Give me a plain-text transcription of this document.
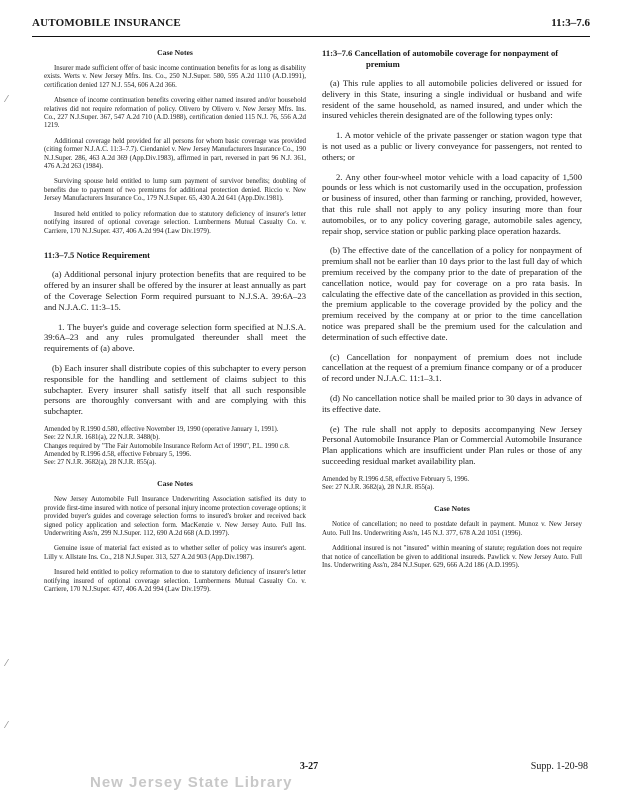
AUTOMOBILE INSURANCE	11:3–7.6
Case Notes

Insurer made sufficient offer of basic income continuation benefits for as long as disability exists. Werts v. New Jersey Mfrs. Ins. Co., 250 N.J.Super. 580, 595 A.2d 1110 (A.D.1991), certification denied 127 N.J. 554, 606 A.2d 366.

Absence of income continuation benefits covering either named insured and/or household relatives did not require reformation of policy. Olivero by Olivero v. New Jersey Mfrs. Ins. Co., 227 N.J.Super. 367, 547 A.2d 710 (A.D.1988), certification denied 115 N.J. 76, 556 A.2d 1219.

Additional coverage held provided for all persons for whom basic coverage was provided (citing former N.J.A.C. 11:3–7.7). Ciendaniel v. New Jersey Manufacturers Insurance Co., 190 N.J.Super. 286, 463 A.2d 369 (App.Div.1983), affirmed in part, reversed in part 96 N.J. 361, 476 A.2d 263 (1984).

Surviving spouse held entitled to lump sum payment of survivor benefits; doubling of benefits due to payment of two premiums for additional protection denied. Riccio v. New Jersey Manufacturers Insurance Co., 179 N.J.Super. 65, 430 A.2d 641 (App.Div.1981).

Insured held entitled to policy reformation due to statutory deficiency of insurer's letter notifying insured of optional coverage selection. Lumbermens Mutual Casualty Co. v. Carriere, 170 N.J.Super. 437, 406 A.2d 994 (Law Div.1979).

11:3–7.5 Notice Requirement

(a) Additional personal injury protection benefits that are required to be offered by an insurer shall be offered by the insurer at least annually as part of the Coverage Selection Form required pursuant to N.J.S.A. 39:6A–23 and N.J.A.C. 11:3–15.

1. The buyer's guide and coverage selection form specified at N.J.S.A. 39:6A–23 and any rules promulgated thereunder shall meet the requirements of (a) above.

(b) Each insurer shall distribute copies of this subchapter to every person responsible for the handling and settlement of claims subject to this subchapter. Every insurer shall satisfy itself that all such responsible persons are thoroughly conversant with and are complying with this subchapter.

Amended by R.1990 d.580, effective November 19, 1990 (operative January 1, 1991).

See: 22 N.J.R. 1681(a), 22 N.J.R. 3488(b).

Changes required by "The Fair Automobile Insurance Reform Act of 1990", P.L. 1990 c.8.

Amended by R.1996 d.58, effective February 5, 1996.

See: 27 N.J.R. 3682(a), 28 N.J.R. 855(a).

Case Notes

New Jersey Automobile Full Insurance Underwriting Association satisfied its duty to provide first-time insured with notice of personal injury income protection coverage options; it provided buyer's guides and coverage selection forms to insured's broker and received back signed policy application and selection form. MacKenzie v. New Jersey Auto. Full Ins. Underwriting Ass'n, 299 N.J.Super. 112, 690 A.2d 668 (A.D.1997).

Genuine issue of material fact existed as to whether seller of policy was insurer's agent. Lilly v. Allstate Ins. Co., 218 N.J.Super. 313, 527 A.2d 903 (App.Div.1987).

Insured held entitled to policy reformation to due to statutory deficiency of insurer's letter notifying insured of optional coverage selection. Lumbermens Mutual Casualty Co. v. Carriere, 170 N.J.Super. 437, 406 A.2d 994 (Law Div.1979).

11:3–7.6 Cancellation of automobile coverage for nonpayment of premium

(a) This rule applies to all automobile policies delivered or issued for delivery in this State, insuring a single individual or husband and wife resident of the same household, as named insured, and under which the insured vehicles therein designated are of the following types only:

1. A motor vehicle of the private passenger or station wagon type that is not used as a public or livery conveyance for passengers, not rented to others; or

2. Any other four-wheel motor vehicle with a load capacity of 1,500 pounds or less which is not customarily used in the occupation, profession or business of insured, other than farming or ranching, provided, however, that this rule shall not apply to any policy insuring more than four automobiles, or to any policy covering garage, automobile sales agency, repair shop, service station or public parking place operation hazards.

(b) The effective date of the cancellation of a policy for nonpayment of premium shall not be earlier than 10 days prior to the last full day of which premium received by the company prior to the date of preparation of the cancellation notice, would pay for coverage on a pro rata basis. In calculating the effective date of the cancellation as provided in this section, the premium applicable to the coverage provided by the policy and the premium received by the company at or prior to the time cancellation notice was prepared shall be the premium used for the calculation and determination of such effective date.

(c) Cancellation for nonpayment of premium does not include cancellation at the request of a premium finance company or of a producer of record under N.J.A.C. 11:1–3.1.

(d) No cancellation notice shall be mailed prior to 30 days in advance of its effective date.

(e) The rule shall not apply to deposits accompanying New Jersey Personal Automobile Insurance Plan or Commercial Automobile Insurance Plan applications which are insufficient under Plan rules or those of any succeeding residual market availability plan.

Amended by R.1996 d.58, effective February 5, 1996.

See: 27 N.J.R. 3682(a), 28 N.J.R. 855(a).

Case Notes

Notice of cancellation; no need to postdate default in payment. Munoz v. New Jersey Auto. Full Ins. Underwriting Ass'n, 145 N.J. 377, 678 A.2d 1051 (1996).

Additional insured is not "insured" within meaning of statute; regulation does not require that notice of cancellation be given to additional insureds. Pawlick v. New Jersey Auto. Full Ins. Underwriting Ass'n, 284 N.J.Super. 629, 666 A.2d 186 (A.D.1995).

⁄
⁄
⁄
3-27	Supp. 1-20-98
New Jersey State Library
